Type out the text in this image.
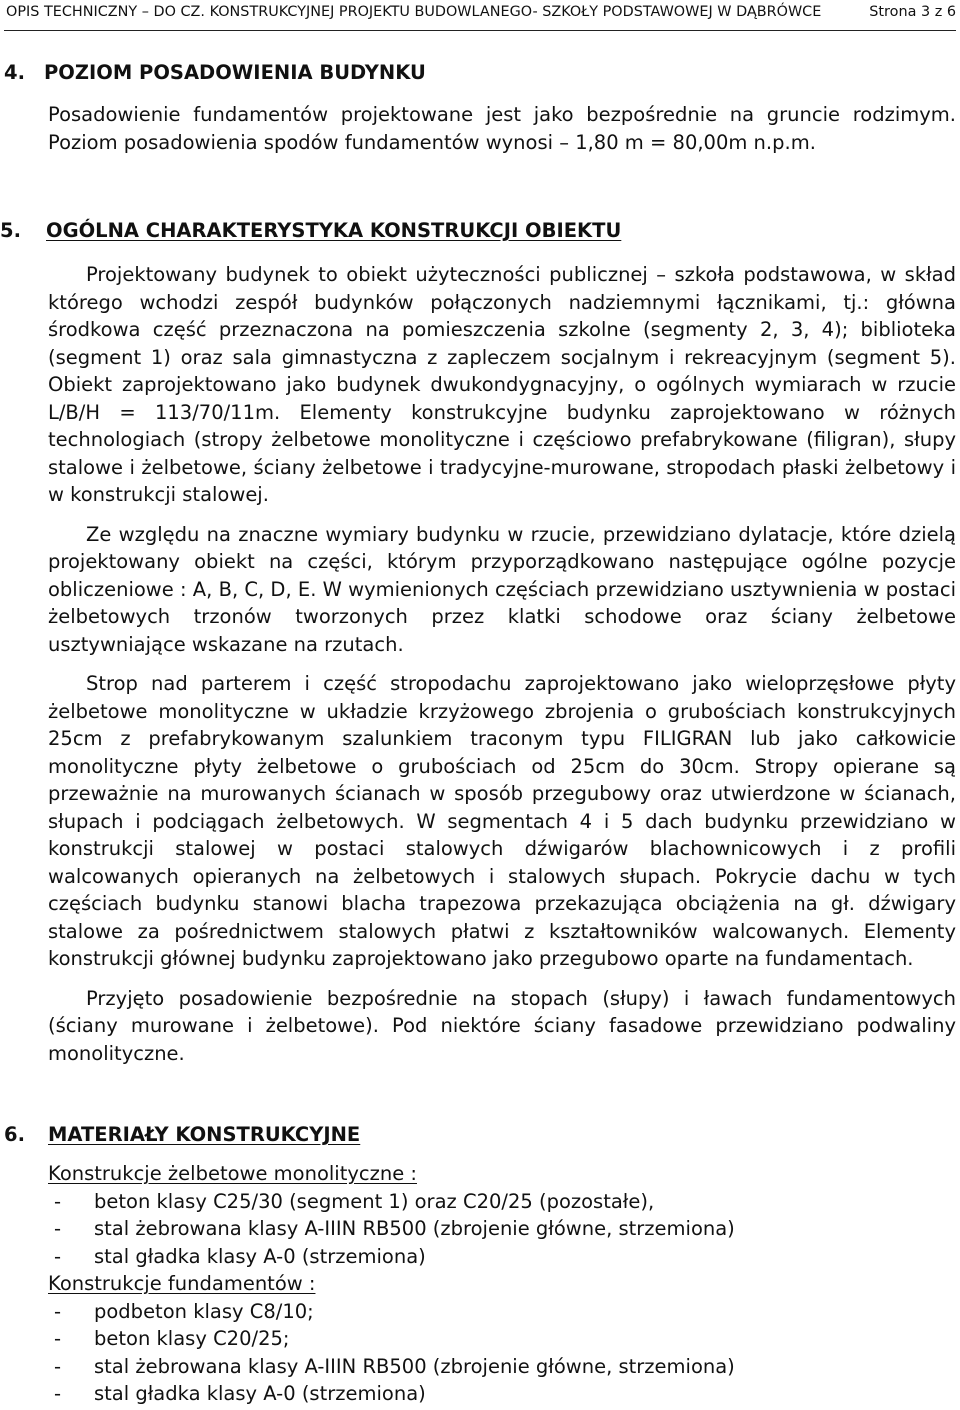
OPIS TECHNICZNY – DO CZ. KONSTRUKCYJNEJ PROJEKTU BUDOWLANEGO- SZKOŁY PODSTAWOWEJ W DĄBRÓWCE	Strona 3 z 6
4. POZIOM POSADOWIENIA BUDYNKU

Posadowienie fundamentów projektowane jest jako bezpośrednie na gruncie rodzimym. Poziom posadowienia spodów fundamentów wynosi – 1,80 m = 80,00m n.p.m.

5. OGÓLNA CHARAKTERYSTYKA KONSTRUKCJI OBIEKTU

Projektowany budynek to obiekt użyteczności publicznej – szkoła podstawowa, w skład którego wchodzi zespół budynków połączonych nadziemnymi łącznikami, tj.: główna środkowa część przeznaczona na pomieszczenia szkolne (segmenty 2, 3, 4); biblioteka (segment 1) oraz sala gimnastyczna z zapleczem socjalnym i rekreacyjnym (segment 5). Obiekt zaprojektowano jako budynek dwukondygnacyjny, o ogólnych wymiarach w rzucie L/B/H = 113/70/11m. Elementy konstrukcyjne budynku zaprojektowano w różnych technologiach (stropy żelbetowe monolityczne i częściowo prefabrykowane (filigran), słupy stalowe i żelbetowe, ściany żelbetowe i tradycyjne-murowane, stropodach płaski żelbetowy i w konstrukcji stalowej.

Ze względu na znaczne wymiary budynku w rzucie, przewidziano dylatacje, które dzielą projektowany obiekt na części, którym przyporządkowano następujące ogólne pozycje obliczeniowe : A, B, C, D, E. W wymienionych częściach przewidziano usztywnienia w postaci żelbetowych trzonów tworzonych przez klatki schodowe oraz ściany żelbetowe usztywniające wskazane na rzutach.

Strop nad parterem i część stropodachu zaprojektowano jako wieloprzęsłowe płyty żelbetowe monolityczne w układzie krzyżowego zbrojenia o grubościach konstrukcyjnych 25cm z prefabrykowanym szalunkiem traconym typu FILIGRAN lub jako całkowicie monolityczne płyty żelbetowe o grubościach od 25cm do 30cm. Stropy opierane są przeważnie na murowanych ścianach w sposób przegubowy oraz utwierdzone w ścianach, słupach i podciągach żelbetowych. W segmentach 4 i 5 dach budynku przewidziano w konstrukcji stalowej w postaci stalowych dźwigarów blachownicowych i z profili walcowanych opieranych na żelbetowych i stalowych słupach. Pokrycie dachu w tych częściach budynku stanowi blacha trapezowa przekazująca obciążenia na gł. dźwigary stalowe za pośrednictwem stalowych płatwi z kształtowników walcowanych. Elementy konstrukcji głównej budynku zaprojektowano jako przegubowo oparte na fundamentach.

Przyjęto posadowienie bezpośrednie na stopach (słupy) i ławach fundamentowych (ściany murowane i żelbetowe). Pod niektóre ściany fasadowe przewidziano podwaliny monolityczne.

6. MATERIAŁY KONSTRUKCYJNE
Konstrukcje żelbetowe monolityczne :
- beton klasy C25/30 (segment 1) oraz C20/25 (pozostałe),
- stal żebrowana klasy A-IIIN RB500 (zbrojenie główne, strzemiona)
- stal gładka klasy A-0 (strzemiona)
Konstrukcje fundamentów :
- podbeton klasy C8/10;
- beton klasy C20/25;
- stal żebrowana klasy A-IIIN RB500 (zbrojenie główne, strzemiona)
- stal gładka klasy A-0 (strzemiona)
